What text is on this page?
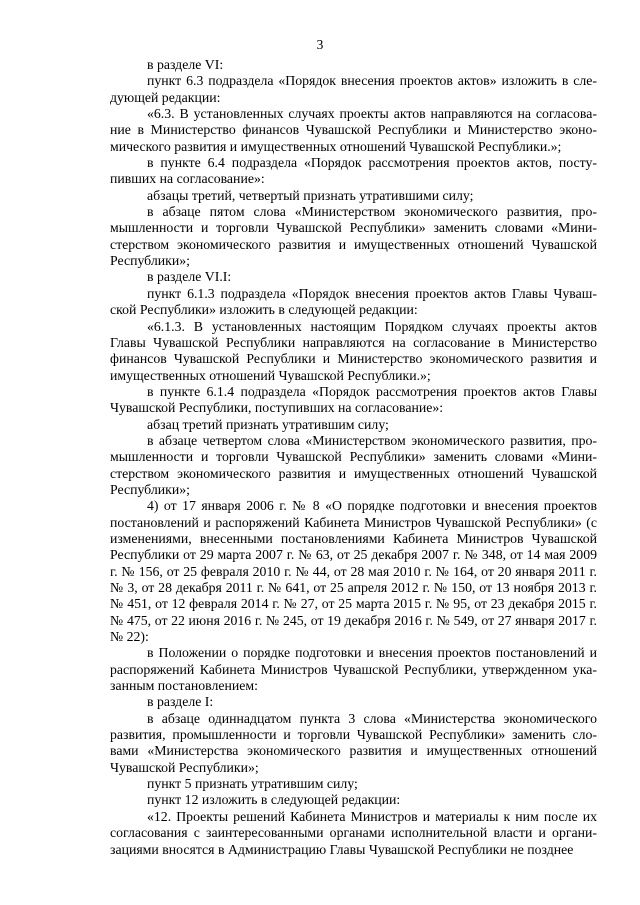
3

в разделе VI:

пункт 6.3 подраздела «Порядок внесения проектов актов» изложить в следующей редакции:

«6.3. В установленных случаях проекты актов направляются на согласование в Министерство финансов Чувашской Республики и Министерство экономического развития и имущественных отношений Чувашской Республики.»;

в пункте 6.4 подраздела «Порядок рассмотрения проектов актов, поступивших на согласование»:

абзацы третий, четвертый признать утратившими силу;

в абзаце пятом слова «Министерством экономического развития, промышленности и торговли Чувашской Республики» заменить словами «Министерством экономического развития и имущественных отношений Чувашской Республики»;

в разделе VI.I:

пункт 6.1.3 подраздела «Порядок внесения проектов актов Главы Чувашской Республики» изложить в следующей редакции:

«6.1.3. В установленных настоящим Порядком случаях проекты актов Главы Чувашской Республики направляются на согласование в Министерство финансов Чувашской Республики и Министерство экономического развития и имущественных отношений Чувашской Республики.»;

в пункте 6.1.4 подраздела «Порядок рассмотрения проектов актов Главы Чувашской Республики, поступивших на согласование»:

абзац третий признать утратившим силу;

в абзаце четвертом слова «Министерством экономического развития, промышленности и торговли Чувашской Республики» заменить словами «Министерством экономического развития и имущественных отношений Чувашской Республики»;

4) от 17 января 2006 г. № 8 «О порядке подготовки и внесения проектов постановлений и распоряжений Кабинета Министров Чувашской Республики» (с изменениями, внесенными постановлениями Кабинета Министров Чувашской Республики от 29 марта 2007 г. № 63, от 25 декабря 2007 г. № 348, от 14 мая 2009 г. № 156, от 25 февраля 2010 г. № 44, от 28 мая 2010 г. № 164, от 20 января 2011 г. № 3, от 28 декабря 2011 г. № 641, от 25 апреля 2012 г. № 150, от 13 ноября 2013 г. № 451, от 12 февраля 2014 г. № 27, от 25 марта 2015 г. № 95, от 23 декабря 2015 г. № 475, от 22 июня 2016 г. № 245, от 19 декабря 2016 г. № 549, от 27 января 2017 г. № 22):

в Положении о порядке подготовки и внесения проектов постановлений и распоряжений Кабинета Министров Чувашской Республики, утвержденном указанным постановлением:

в разделе I:

в абзаце одиннадцатом пункта 3 слова «Министерства экономического развития, промышленности и торговли Чувашской Республики» заменить словами «Министерства экономического развития и имущественных отношений Чувашской Республики»;

пункт 5 признать утратившим силу;

пункт 12 изложить в следующей редакции:

«12. Проекты решений Кабинета Министров и материалы к ним после их согласования с заинтересованными органами исполнительной власти и организациями вносятся в Администрацию Главы Чувашской Республики не позднее
